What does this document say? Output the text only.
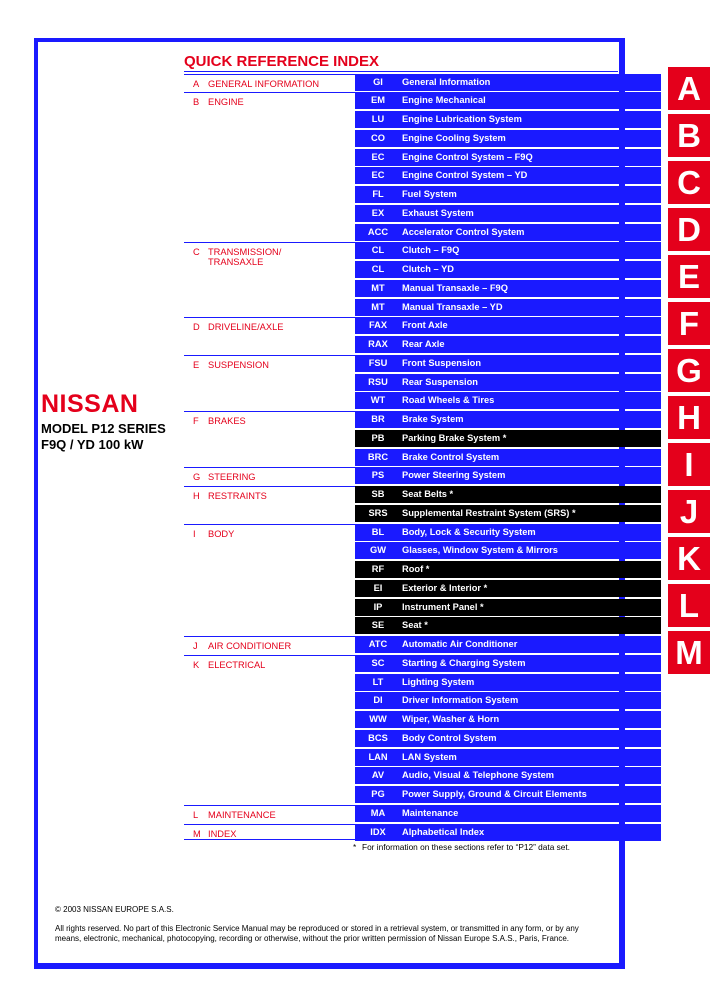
NISSAN
MODEL P12 SERIES
F9Q / YD 100 kW
QUICK REFERENCE INDEX
A GENERAL INFORMATION
B ENGINE
C TRANSMISSION/
TRANSAXLE
D DRIVELINE/AXLE
E SUSPENSION
F BRAKES
G STEERING
H RESTRAINTS
I BODY
J AIR CONDITIONER
K ELECTRICAL
L MAINTENANCE
M INDEX
GI	General Information
EM	Engine Mechanical
LU	Engine Lubrication System
CO	Engine Cooling System
EC	Engine Control System – F9Q
EC	Engine Control System – YD
FL	Fuel System
EX	Exhaust System
ACC	Accelerator Control System
CL	Clutch – F9Q
CL	Clutch – YD
MT	Manual Transaxle – F9Q
MT	Manual Transaxle – YD
FAX	Front Axle
RAX	Rear Axle
FSU	Front Suspension
RSU	Rear Suspension
WT	Road Wheels & Tires
BR	Brake System
PB	Parking Brake System *
BRC	Brake Control System
PS	Power Steering System
SB	Seat Belts *
SRS	Supplemental Restraint System (SRS) *
BL	Body, Lock & Security System
GW	Glasses, Window System & Mirrors
RF	Roof *
EI	Exterior & Interior *
IP	Instrument Panel *
SE	Seat *
ATC	Automatic Air Conditioner
SC	Starting & Charging System
LT	Lighting System
DI	Driver Information System
WW	Wiper, Washer & Horn
BCS	Body Control System
LAN	LAN System
AV	Audio, Visual & Telephone System
PG	Power Supply, Ground & Circuit Elements
MA	Maintenance
IDX	Alphabetical Index
* For information on these sections refer to “P12” data set.
© 2003 NISSAN EUROPE S.A.S.
All rights reserved. No part of this Electronic Service Manual may be reproduced or stored in a retrieval system, or transmitted in any form, or by any means, electronic, mechanical, photocopying, recording or otherwise, without the prior written permission of Nissan Europe S.A.S., Paris, France.
A
B
C
D
E
F
G
H
I
J
K
L
M
